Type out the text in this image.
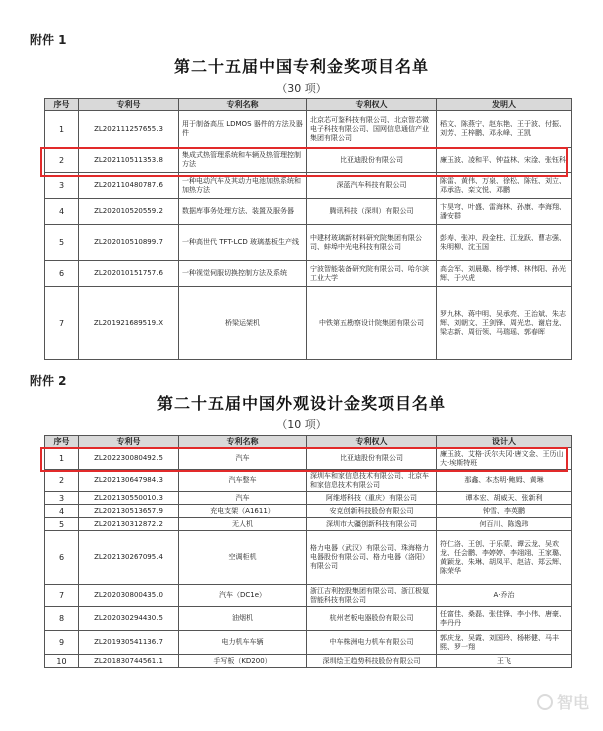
附件 1
第二十五届中国专利金奖项目名单
（30 项）
序号	专利号	专利名称	专利权人	发明人
1	ZL202111257655.3	用于制备高压 LDMOS 器件的方法及器件	北京芯可鉴科技有限公司、北京智芯微电子科技有限公司、国网信息通信产业集团有限公司	稻文、陈燕宁、赵东艳、王于波、付振、刘芳、王梓鹏、邓永峰、王凯
2	ZL202110511353.8	集成式热管理系统和车辆及热管理控制方法	比亚迪股份有限公司	廉玉波、凌和平、钟益林、宋淦、张钰科
3	ZL202110480787.6	一种电动汽车及其动力电池加热系统和加热方法	深蓝汽车科技有限公司	陈雷、黄伟、万泉、徐松、陈钰、刘立、邓承浩、栾文悦、邓鹏
4	ZL202010520559.2	数据库事务处理方法、装置及服务器	腾讯科技（深圳）有限公司	卞昊穹、叶盛、雷海林、孙康、李海翔、潘安群
5	ZL202010510899.7	一种高世代 TFT-LCD 玻璃基板生产线	中建材玻璃新材料研究院集团有限公司、蚌埠中光电科技有限公司	彭寿、张冲、段金柱、江龙跃、曹志强、朱明柳、沈玉国
6	ZL202010151757.6	一种视觉伺服切换控制方法及系统	宁波智能装备研究院有限公司、哈尔滨工业大学	高会军、刘晨璐、杨学博、林伟阳、孙光辉、于兴虎
7	ZL201921689519.X	桥梁运架机	中铁第五勘察设计院集团有限公司	罗九林、蒋中明、吴承亮、王治斌、朱志辉、刘朝文、王剑锋、周光忠、谢启龙、梁志新、周衍领、马瑞瑶、郭春晖
附件 2
第二十五届中国外观设计金奖项目名单
（10 项）
序号	专利号	专利名称	专利权人	设计人
1	ZL202230080492.5	汽车	比亚迪股份有限公司	廉玉波、艾格·沃尔夫冈·唐文金、王历山大·埃斯特班
2	ZL202130647984.3	汽车整车	深圳车和家信息技术有限公司、北京车和家信息技术有限公司	那鑫、本杰明·鲍姆、黄琳
3	ZL202130550010.3	汽车	阿维塔科技（重庆）有限公司	谭本宏、胡威天、张新利
4	ZL202130513657.9	充电支架（A1611）	安克创新科技股份有限公司	钟雪、李英鹏
5	ZL202130312872.2	无人机	深圳市大疆创新科技有限公司	何百川、陈逸玮
6	ZL202130267095.4	空调柜机	格力电器（武汉）有限公司、珠海格力电器股份有限公司、格力电器（洛阳）有限公司	符仁洛、王创、于乐蒙、谭云龙、吴欢龙、任会鹏、李婷婷、李翊翊、王家璐、黄颖龙、朱琳、胡凤平、赵洁、郑云辉、陈荣华
7	ZL202030800435.0	汽车（DC1e）	浙江吉利控股集团有限公司、浙江极氪智能科技有限公司	A·乔治
8	ZL202030294430.5	油烟机	杭州老板电器股份有限公司	任富佳、桑磊、张佳锋、李小伟、唐豪、李丹丹
9	ZL201930541136.7	电力机车车辆	中车株洲电力机车有限公司	郭庆龙、吴霞、刘国玲、杨彬健、马丰熙、罗一翔
10	ZL201830744561.1	手写板（KD200）	深圳绘王趋势科技股份有限公司	王飞
智电
